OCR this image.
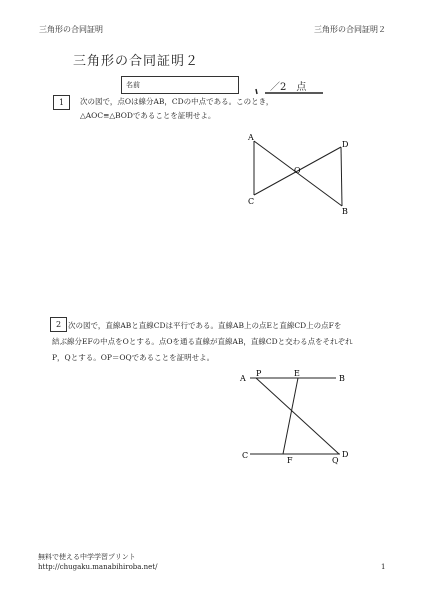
三角形の合同証明	三角形の合同証明２
三角形の合同証明２
名前	／2　点
1	次の図で，点Oは線分AB，CDの中点である。このとき，
△AOC≡△BODであることを証明せよ。
A
D
O
C
B
2 次の図で，直線ABと直線CDは平行である。直線AB上の点Eと直線CD上の点Fを
結ぶ線分EFの中点をOとする。点Oを通る直線が直線AB，直線CDと交わる点をそれぞれ
P，Qとする。OP＝OQであることを証明せよ。
A
P	E
B
C
F	Q
D
無料で使える中学学習プリント
http://chugaku.manabihiroba.net/	1
